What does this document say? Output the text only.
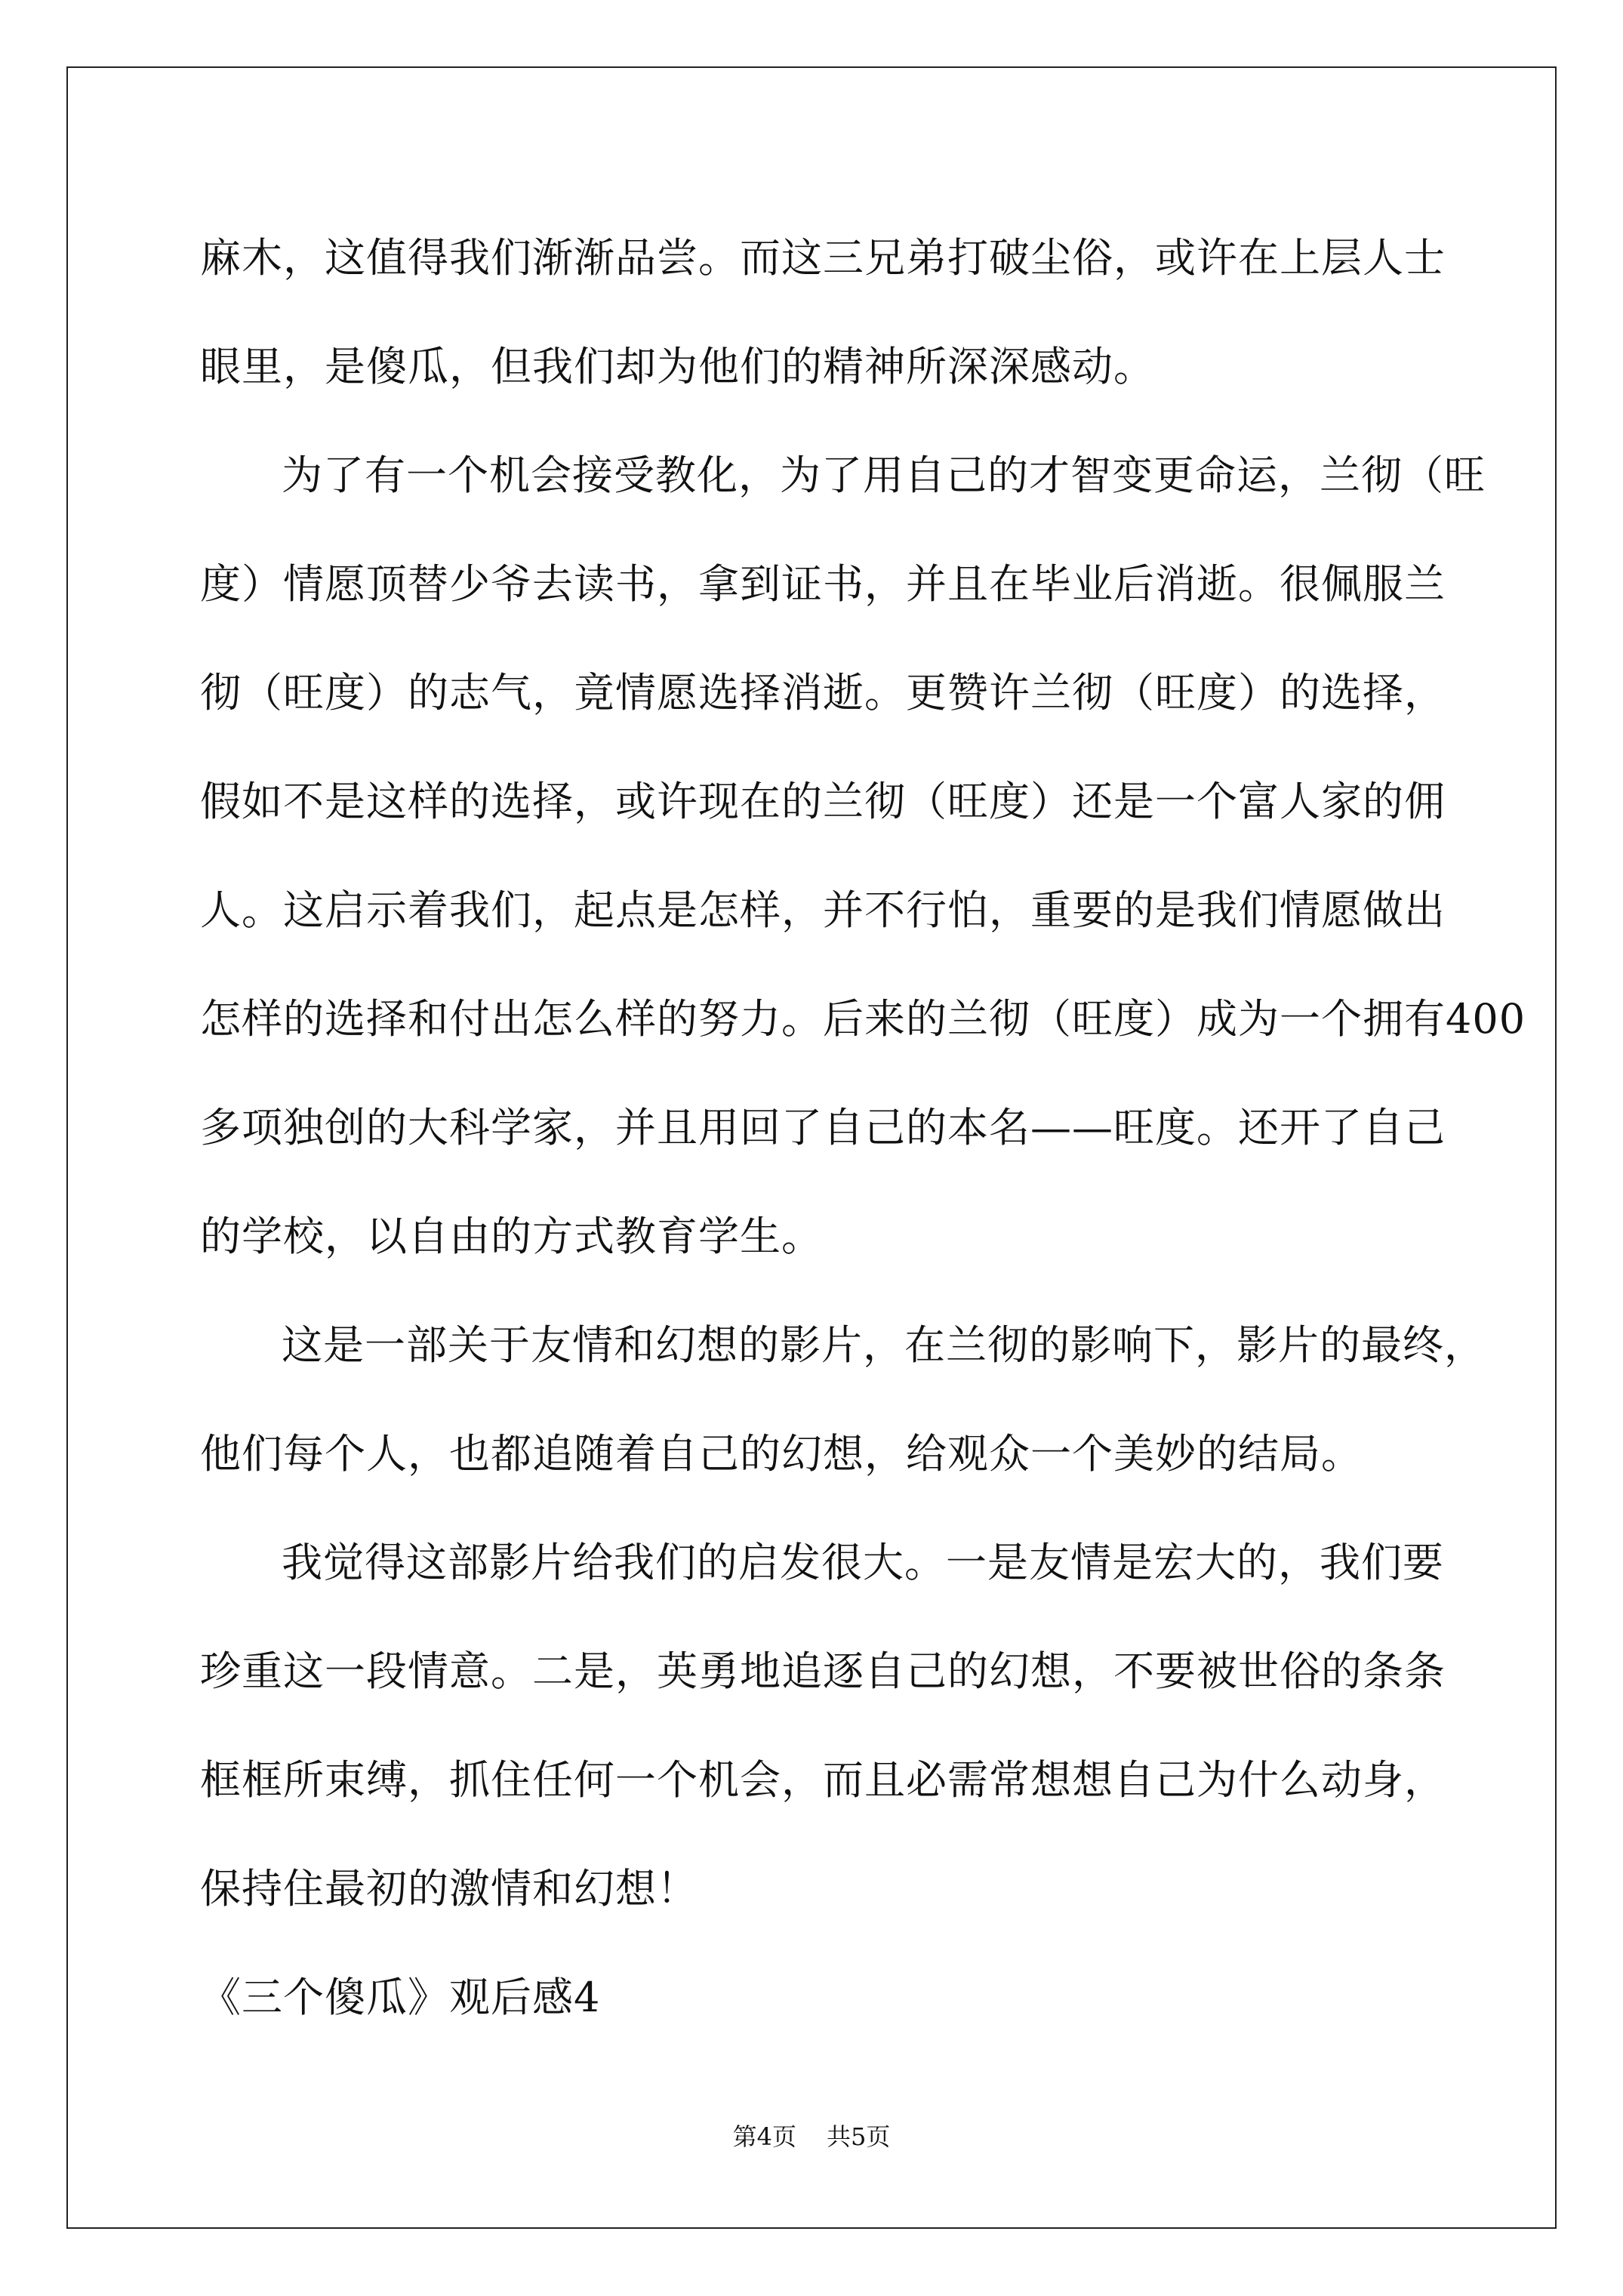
麻木，这值得我们渐渐品尝。而这三兄弟打破尘俗，或许在上层人士
眼里，是傻瓜，但我们却为他们的精神所深深感动。
为了有一个机会接受教化，为了用自己的才智变更命运，兰彻（旺
度）情愿顶替少爷去读书，拿到证书，并且在毕业后消逝。很佩服兰
彻（旺度）的志气，竟情愿选择消逝。更赞许兰彻（旺度）的选择，
假如不是这样的选择，或许现在的兰彻（旺度）还是一个富人家的佣
人。这启示着我们，起点是怎样，并不行怕，重要的是我们情愿做出
怎样的选择和付出怎么样的努力。后来的兰彻（旺度）成为一个拥有400
多项独创的大科学家，并且用回了自己的本名——旺度。还开了自己
的学校，以自由的方式教育学生。
这是一部关于友情和幻想的影片，在兰彻的影响下，影片的最终，
他们每个人，也都追随着自己的幻想，给观众一个美妙的结局。
我觉得这部影片给我们的启发很大。一是友情是宏大的，我们要
珍重这一段情意。二是，英勇地追逐自己的幻想，不要被世俗的条条
框框所束缚，抓住任何一个机会，而且必需常想想自己为什么动身，
保持住最初的激情和幻想！
《三个傻瓜》观后感4
第4页 共5页
